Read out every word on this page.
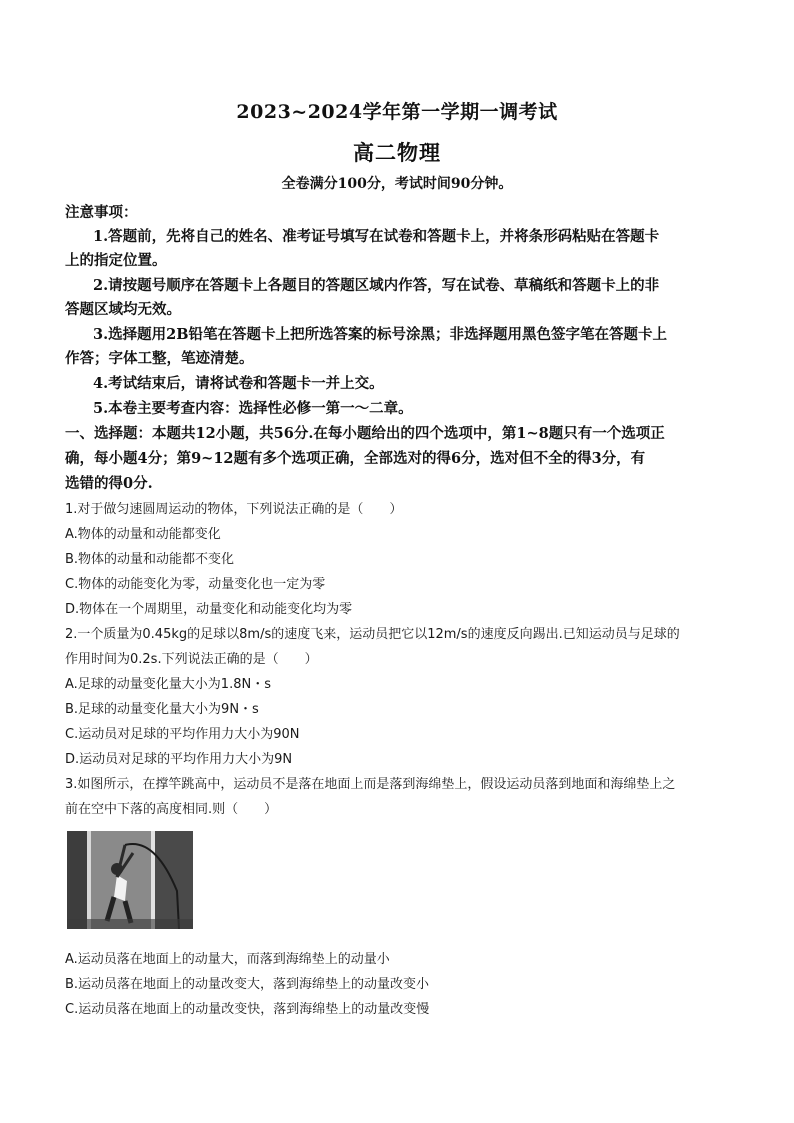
2023~2024学年第一学期一调考试
高二物理
全卷满分100分，考试时间90分钟。
注意事项：
1.答题前，先将自己的姓名、准考证号填写在试卷和答题卡上，并将条形码粘贴在答题卡
上的指定位置。
2.请按题号顺序在答题卡上各题目的答题区域内作答，写在试卷、草稿纸和答题卡上的非
答题区域均无效。
3.选择题用2B铅笔在答题卡上把所选答案的标号涂黑；非选择题用黑色签字笔在答题卡上
作答；字体工整，笔迹清楚。
4.考试结束后，请将试卷和答题卡一并上交。
5.本卷主要考查内容：选择性必修一第一～二章。
一、选择题：本题共12小题，共56分.在每小题给出的四个选项中，第1~8题只有一个选项正
确，每小题4分；第9~12题有多个选项正确，全部选对的得6分，选对但不全的得3分，有
选错的得0分.
1.对于做匀速圆周运动的物体，下列说法正确的是（　　）
A.物体的动量和动能都变化
B.物体的动量和动能都不变化
C.物体的动能变化为零，动量变化也一定为零
D.物体在一个周期里，动量变化和动能变化均为零
2.一个质量为0.45kg的足球以8m/s的速度飞来，运动员把它以12m/s的速度反向踢出.已知运动员与足球的
作用时间为0.2s.下列说法正确的是（　　）
A.足球的动量变化量大小为1.8N・s
B.足球的动量变化量大小为9N・s
C.运动员对足球的平均作用力大小为90N
D.运动员对足球的平均作用力大小为9N
3.如图所示，在撑竿跳高中，运动员不是落在地面上而是落到海绵垫上，假设运动员落到地面和海绵垫上之
前在空中下落的高度相同.则（　　）
A.运动员落在地面上的动量大，而落到海绵垫上的动量小
B.运动员落在地面上的动量改变大，落到海绵垫上的动量改变小
C.运动员落在地面上的动量改变快，落到海绵垫上的动量改变慢
